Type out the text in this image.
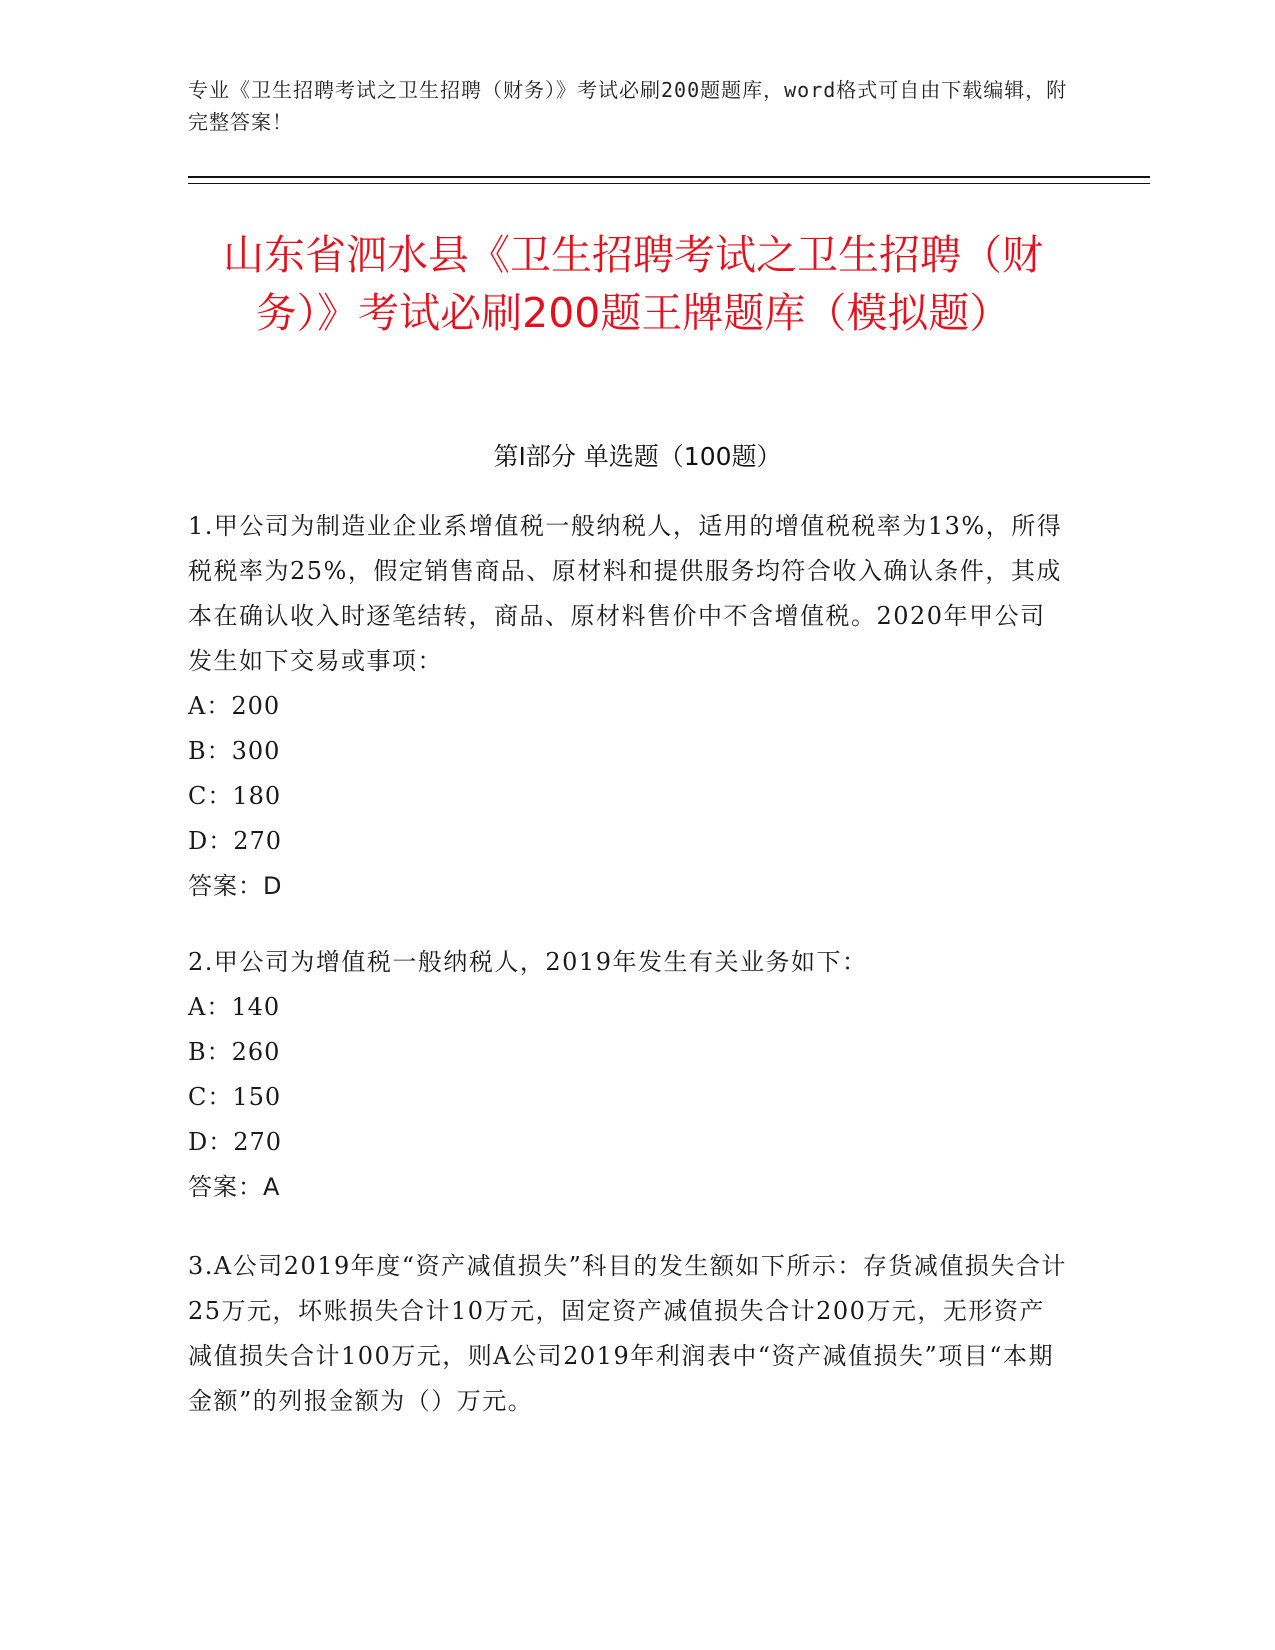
专业《卫生招聘考试之卫生招聘（财务）》考试必刷200题题库，word格式可自由下载编辑，附完整答案！
山东省泗水县《卫生招聘考试之卫生招聘（财务）》考试必刷200题王牌题库（模拟题）
第I部分 单选题（100题）

1.甲公司为制造业企业系增值税一般纳税人，适用的增值税税率为13%，所得税税率为25%，假定销售商品、原材料和提供服务均符合收入确认条件，其成本在确认收入时逐笔结转，商品、原材料售价中不含增值税。2020年甲公司发生如下交易或事项：

A：200

B：300

C：180

D：270

答案：D

2.甲公司为增值税一般纳税人，2019年发生有关业务如下：

A：140

B：260

C：150

D：270

答案：A

3.A公司2019年度“资产减值损失”科目的发生额如下所示：存货减值损失合计25万元，坏账损失合计10万元，固定资产减值损失合计200万元，无形资产减值损失合计100万元，则A公司2019年利润表中“资产减值损失”项目“本期金额”的列报金额为（）万元。
